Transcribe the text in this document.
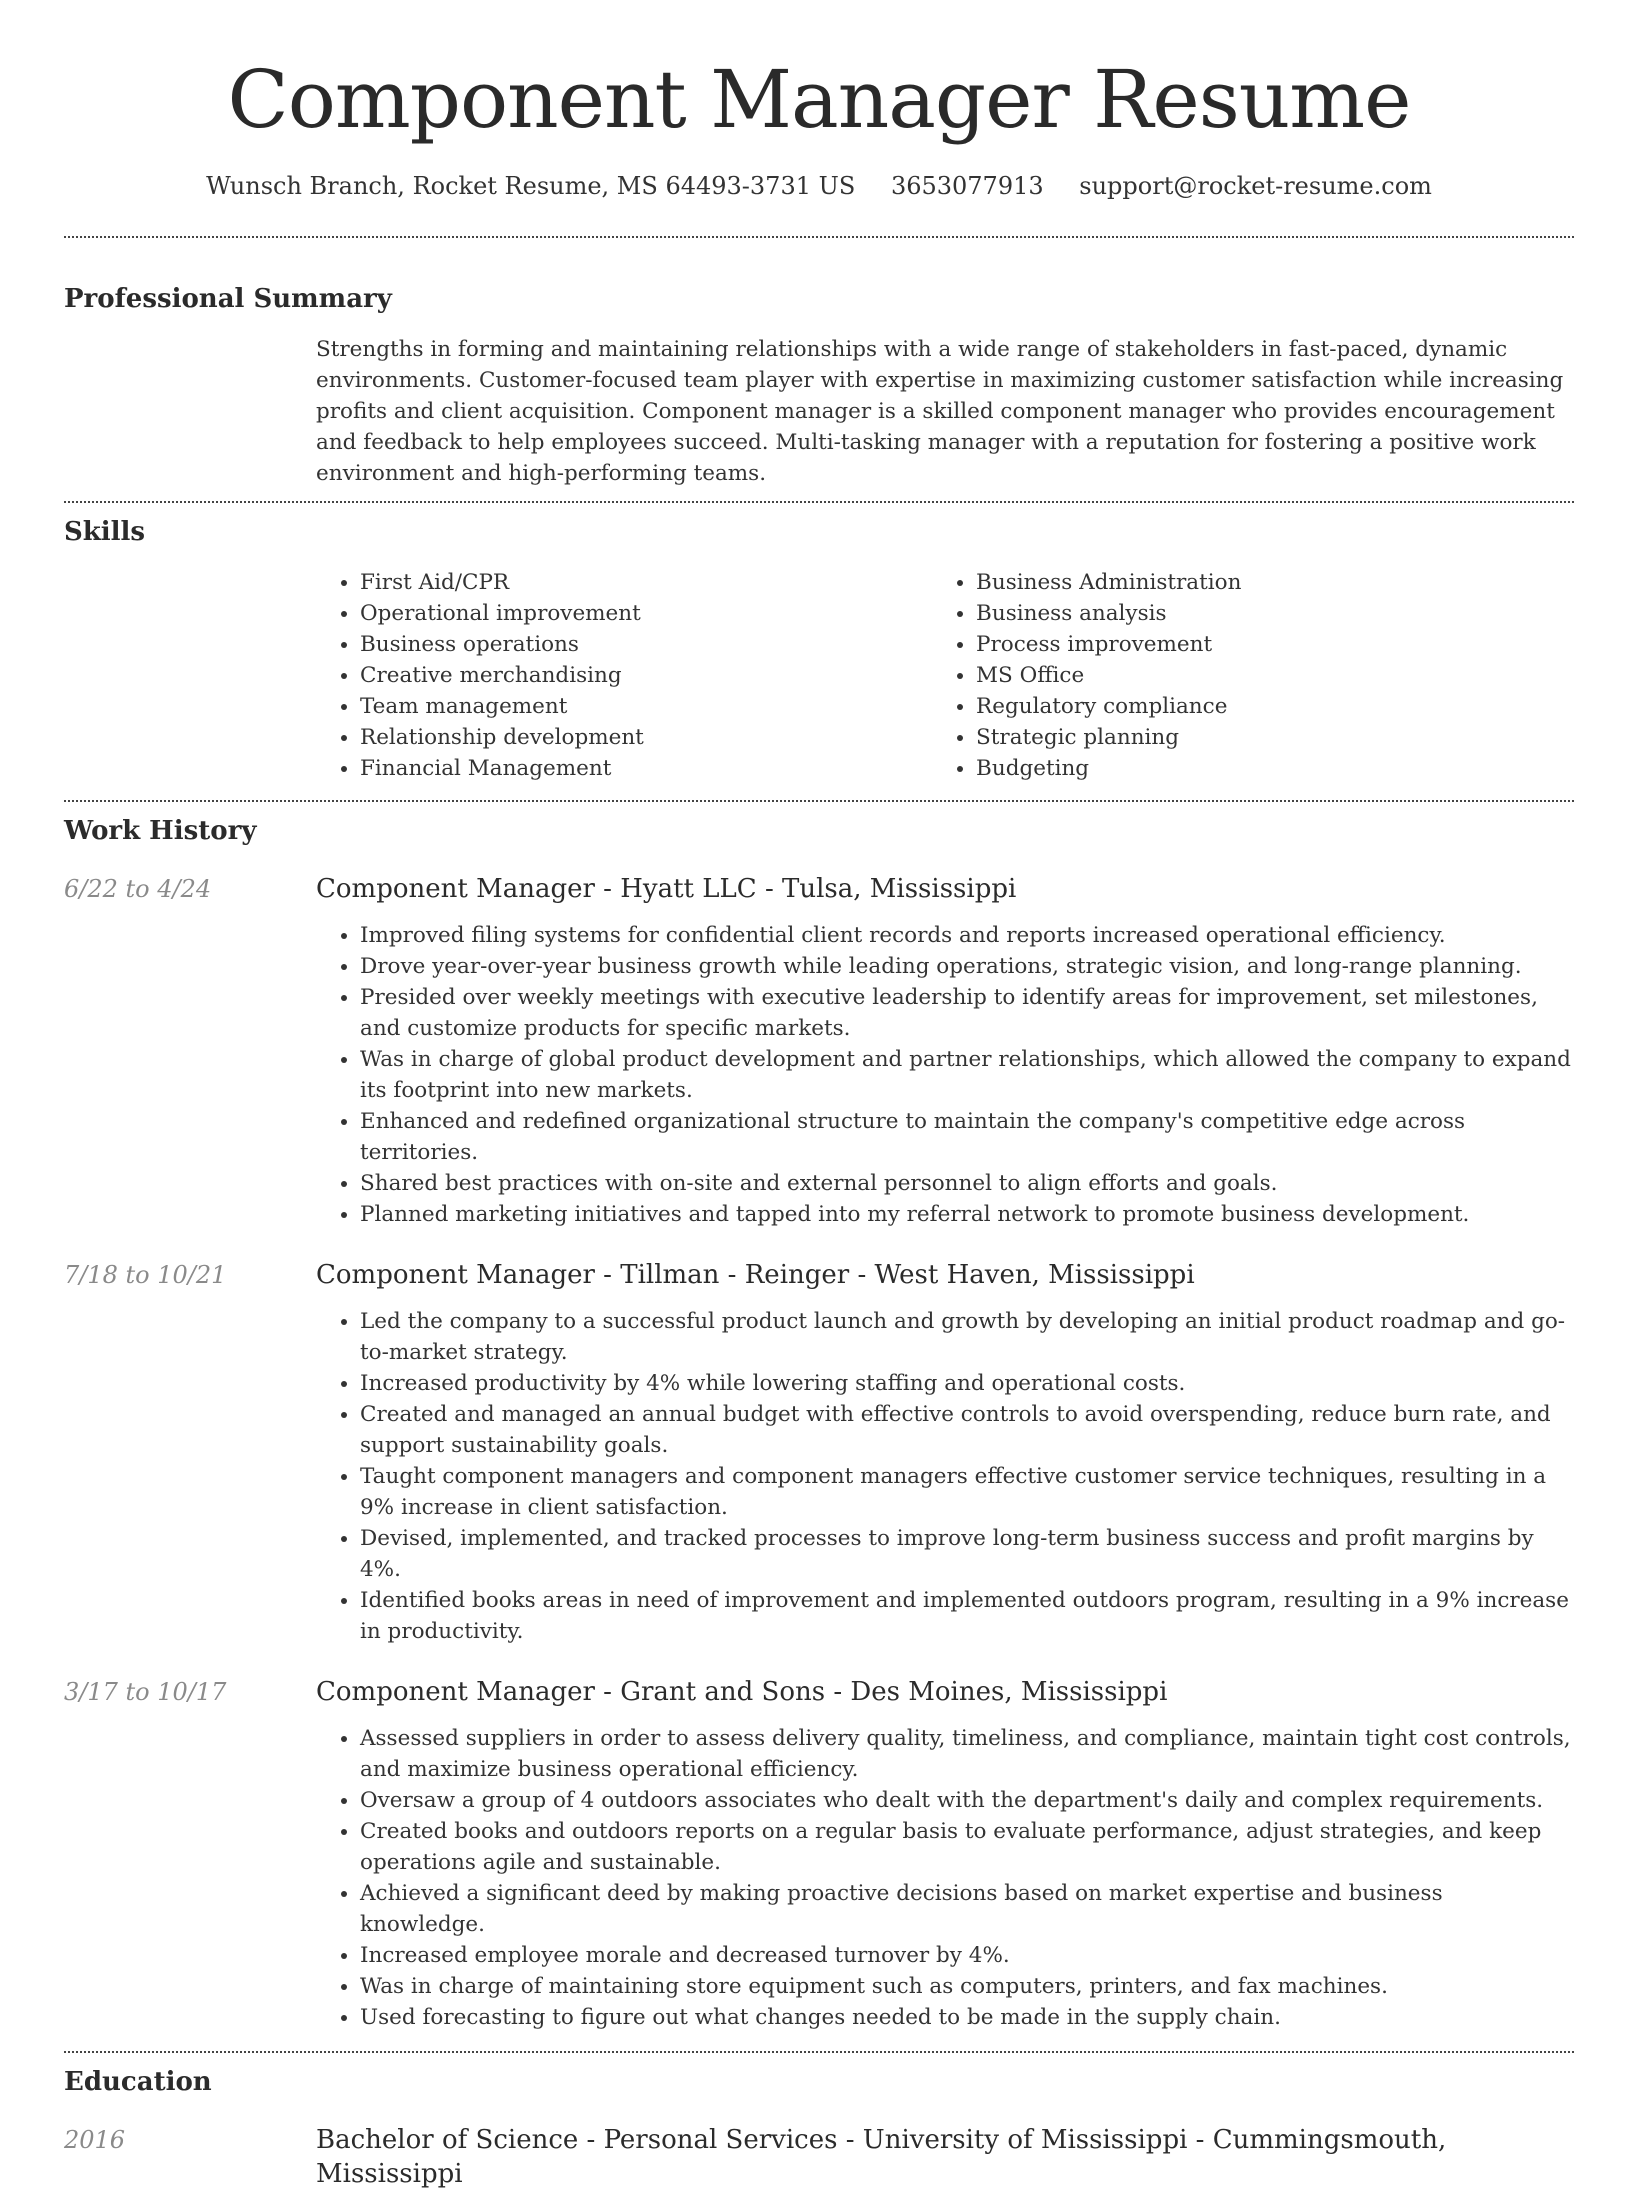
Component Manager Resume
Wunsch Branch, Rocket Resume, MS 64493-3731 US 3653077913 support@rocket-resume.com
Professional Summary
Strengths in forming and maintaining relationships with a wide range of stakeholders in fast-paced, dynamic environments. Customer-focused team player with expertise in maximizing customer satisfaction while increasing profits and client acquisition. Component manager is a skilled component manager who provides encouragement and feedback to help employees succeed. Multi-tasking manager with a reputation for fostering a positive work environment and high-performing teams.
Skills
• First Aid/CPR
• Operational improvement
• Business operations
• Creative merchandising
• Team management
• Relationship development
• Financial Management
• Business Administration
• Business analysis
• Process improvement
• MS Office
• Regulatory compliance
• Strategic planning
• Budgeting
Work History
6/22 to 4/24	Component Manager - Hyatt LLC - Tulsa, Mississippi
• Improved filing systems for confidential client records and reports increased operational efficiency.
• Drove year-over-year business growth while leading operations, strategic vision, and long-range planning.
• Presided over weekly meetings with executive leadership to identify areas for improvement, set milestones, and customize products for specific markets.
• Was in charge of global product development and partner relationships, which allowed the company to expand its footprint into new markets.
• Enhanced and redefined organizational structure to maintain the company's competitive edge across territories.
• Shared best practices with on-site and external personnel to align efforts and goals.
• Planned marketing initiatives and tapped into my referral network to promote business development.
7/18 to 10/21	Component Manager - Tillman - Reinger - West Haven, Mississippi
• Led the company to a successful product launch and growth by developing an initial product roadmap and go-to-market strategy.
• Increased productivity by 4% while lowering staffing and operational costs.
• Created and managed an annual budget with effective controls to avoid overspending, reduce burn rate, and support sustainability goals.
• Taught component managers and component managers effective customer service techniques, resulting in a 9% increase in client satisfaction.
• Devised, implemented, and tracked processes to improve long-term business success and profit margins by 4%.
• Identified books areas in need of improvement and implemented outdoors program, resulting in a 9% increase in productivity.
3/17 to 10/17	Component Manager - Grant and Sons - Des Moines, Mississippi
• Assessed suppliers in order to assess delivery quality, timeliness, and compliance, maintain tight cost controls, and maximize business operational efficiency.
• Oversaw a group of 4 outdoors associates who dealt with the department's daily and complex requirements.
• Created books and outdoors reports on a regular basis to evaluate performance, adjust strategies, and keep operations agile and sustainable.
• Achieved a significant deed by making proactive decisions based on market expertise and business knowledge.
• Increased employee morale and decreased turnover by 4%.
• Was in charge of maintaining store equipment such as computers, printers, and fax machines.
• Used forecasting to figure out what changes needed to be made in the supply chain.
Education
2016	Bachelor of Science - Personal Services - University of Mississippi - Cummingsmouth, Mississippi
